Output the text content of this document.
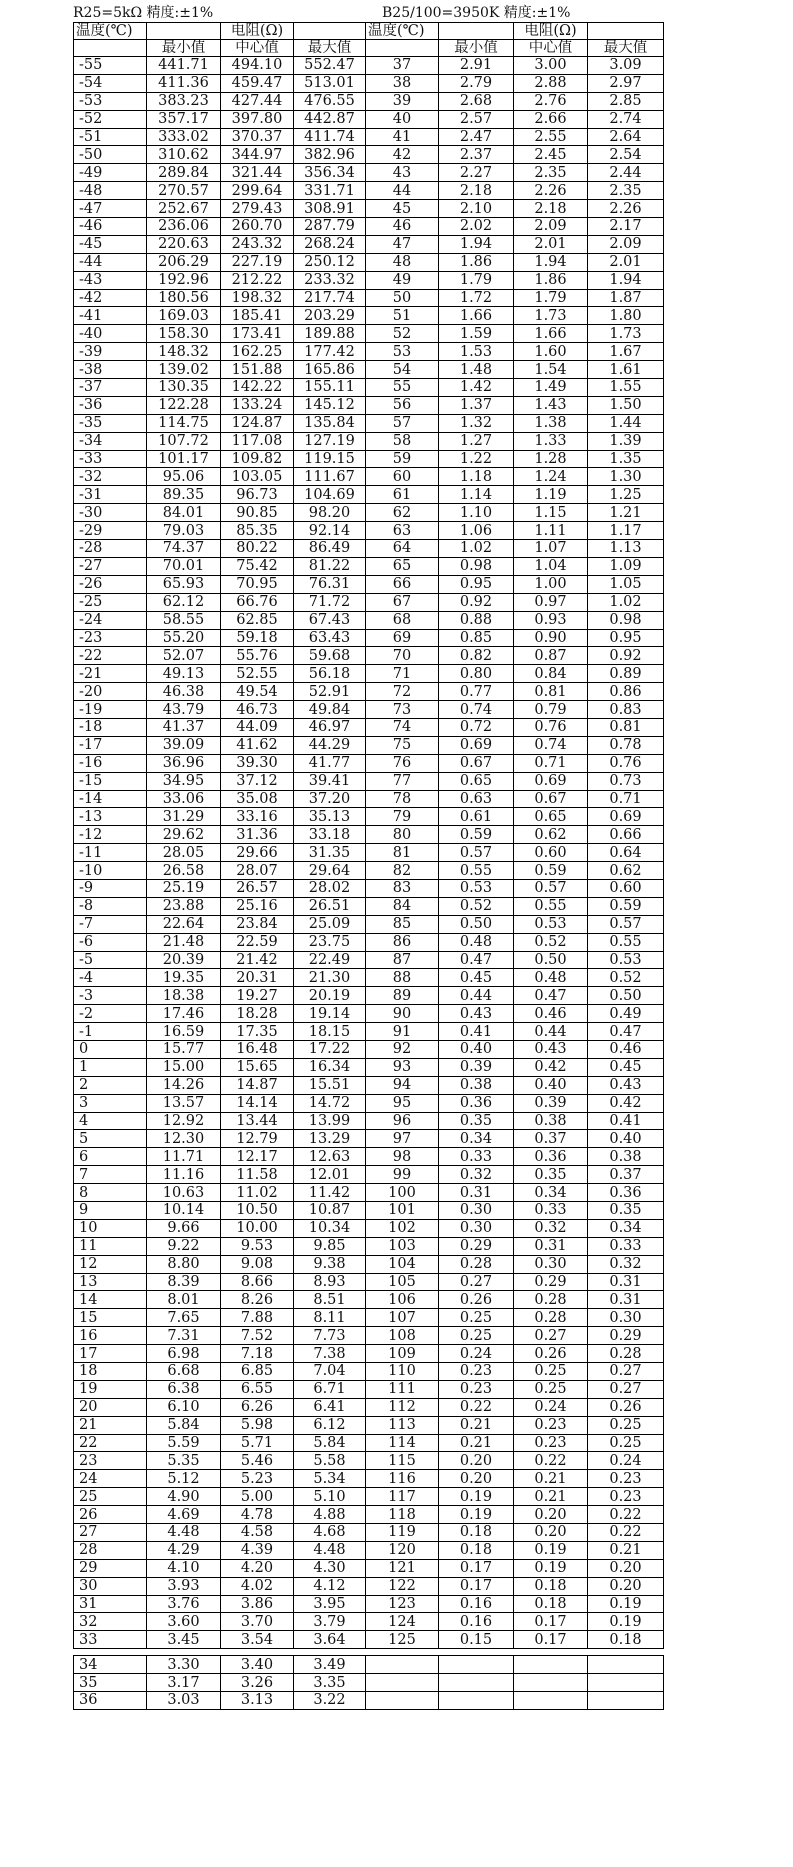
R25=5kΩ 精度:±1%	B25/100=3950K 精度:±1%
温度(℃)		电阻(Ω)		温度(℃)		电阻(Ω)	
	最小值	中心值	最大值		最小值	中心值	最大值
-55	441.71	494.10	552.47	37	2.91	3.00	3.09
-54	411.36	459.47	513.01	38	2.79	2.88	2.97
-53	383.23	427.44	476.55	39	2.68	2.76	2.85
-52	357.17	397.80	442.87	40	2.57	2.66	2.74
-51	333.02	370.37	411.74	41	2.47	2.55	2.64
-50	310.62	344.97	382.96	42	2.37	2.45	2.54
-49	289.84	321.44	356.34	43	2.27	2.35	2.44
-48	270.57	299.64	331.71	44	2.18	2.26	2.35
-47	252.67	279.43	308.91	45	2.10	2.18	2.26
-46	236.06	260.70	287.79	46	2.02	2.09	2.17
-45	220.63	243.32	268.24	47	1.94	2.01	2.09
-44	206.29	227.19	250.12	48	1.86	1.94	2.01
-43	192.96	212.22	233.32	49	1.79	1.86	1.94
-42	180.56	198.32	217.74	50	1.72	1.79	1.87
-41	169.03	185.41	203.29	51	1.66	1.73	1.80
-40	158.30	173.41	189.88	52	1.59	1.66	1.73
-39	148.32	162.25	177.42	53	1.53	1.60	1.67
-38	139.02	151.88	165.86	54	1.48	1.54	1.61
-37	130.35	142.22	155.11	55	1.42	1.49	1.55
-36	122.28	133.24	145.12	56	1.37	1.43	1.50
-35	114.75	124.87	135.84	57	1.32	1.38	1.44
-34	107.72	117.08	127.19	58	1.27	1.33	1.39
-33	101.17	109.82	119.15	59	1.22	1.28	1.35
-32	95.06	103.05	111.67	60	1.18	1.24	1.30
-31	89.35	96.73	104.69	61	1.14	1.19	1.25
-30	84.01	90.85	98.20	62	1.10	1.15	1.21
-29	79.03	85.35	92.14	63	1.06	1.11	1.17
-28	74.37	80.22	86.49	64	1.02	1.07	1.13
-27	70.01	75.42	81.22	65	0.98	1.04	1.09
-26	65.93	70.95	76.31	66	0.95	1.00	1.05
-25	62.12	66.76	71.72	67	0.92	0.97	1.02
-24	58.55	62.85	67.43	68	0.88	0.93	0.98
-23	55.20	59.18	63.43	69	0.85	0.90	0.95
-22	52.07	55.76	59.68	70	0.82	0.87	0.92
-21	49.13	52.55	56.18	71	0.80	0.84	0.89
-20	46.38	49.54	52.91	72	0.77	0.81	0.86
-19	43.79	46.73	49.84	73	0.74	0.79	0.83
-18	41.37	44.09	46.97	74	0.72	0.76	0.81
-17	39.09	41.62	44.29	75	0.69	0.74	0.78
-16	36.96	39.30	41.77	76	0.67	0.71	0.76
-15	34.95	37.12	39.41	77	0.65	0.69	0.73
-14	33.06	35.08	37.20	78	0.63	0.67	0.71
-13	31.29	33.16	35.13	79	0.61	0.65	0.69
-12	29.62	31.36	33.18	80	0.59	0.62	0.66
-11	28.05	29.66	31.35	81	0.57	0.60	0.64
-10	26.58	28.07	29.64	82	0.55	0.59	0.62
-9	25.19	26.57	28.02	83	0.53	0.57	0.60
-8	23.88	25.16	26.51	84	0.52	0.55	0.59
-7	22.64	23.84	25.09	85	0.50	0.53	0.57
-6	21.48	22.59	23.75	86	0.48	0.52	0.55
-5	20.39	21.42	22.49	87	0.47	0.50	0.53
-4	19.35	20.31	21.30	88	0.45	0.48	0.52
-3	18.38	19.27	20.19	89	0.44	0.47	0.50
-2	17.46	18.28	19.14	90	0.43	0.46	0.49
-1	16.59	17.35	18.15	91	0.41	0.44	0.47
0	15.77	16.48	17.22	92	0.40	0.43	0.46
1	15.00	15.65	16.34	93	0.39	0.42	0.45
2	14.26	14.87	15.51	94	0.38	0.40	0.43
3	13.57	14.14	14.72	95	0.36	0.39	0.42
4	12.92	13.44	13.99	96	0.35	0.38	0.41
5	12.30	12.79	13.29	97	0.34	0.37	0.40
6	11.71	12.17	12.63	98	0.33	0.36	0.38
7	11.16	11.58	12.01	99	0.32	0.35	0.37
8	10.63	11.02	11.42	100	0.31	0.34	0.36
9	10.14	10.50	10.87	101	0.30	0.33	0.35
10	9.66	10.00	10.34	102	0.30	0.32	0.34
11	9.22	9.53	9.85	103	0.29	0.31	0.33
12	8.80	9.08	9.38	104	0.28	0.30	0.32
13	8.39	8.66	8.93	105	0.27	0.29	0.31
14	8.01	8.26	8.51	106	0.26	0.28	0.31
15	7.65	7.88	8.11	107	0.25	0.28	0.30
16	7.31	7.52	7.73	108	0.25	0.27	0.29
17	6.98	7.18	7.38	109	0.24	0.26	0.28
18	6.68	6.85	7.04	110	0.23	0.25	0.27
19	6.38	6.55	6.71	111	0.23	0.25	0.27
20	6.10	6.26	6.41	112	0.22	0.24	0.26
21	5.84	5.98	6.12	113	0.21	0.23	0.25
22	5.59	5.71	5.84	114	0.21	0.23	0.25
23	5.35	5.46	5.58	115	0.20	0.22	0.24
24	5.12	5.23	5.34	116	0.20	0.21	0.23
25	4.90	5.00	5.10	117	0.19	0.21	0.23
26	4.69	4.78	4.88	118	0.19	0.20	0.22
27	4.48	4.58	4.68	119	0.18	0.20	0.22
28	4.29	4.39	4.48	120	0.18	0.19	0.21
29	4.10	4.20	4.30	121	0.17	0.19	0.20
30	3.93	4.02	4.12	122	0.17	0.18	0.20
31	3.76	3.86	3.95	123	0.16	0.18	0.19
32	3.60	3.70	3.79	124	0.16	0.17	0.19
33	3.45	3.54	3.64	125	0.15	0.17	0.18

34	3.30	3.40	3.49				
35	3.17	3.26	3.35				
36	3.03	3.13	3.22				
